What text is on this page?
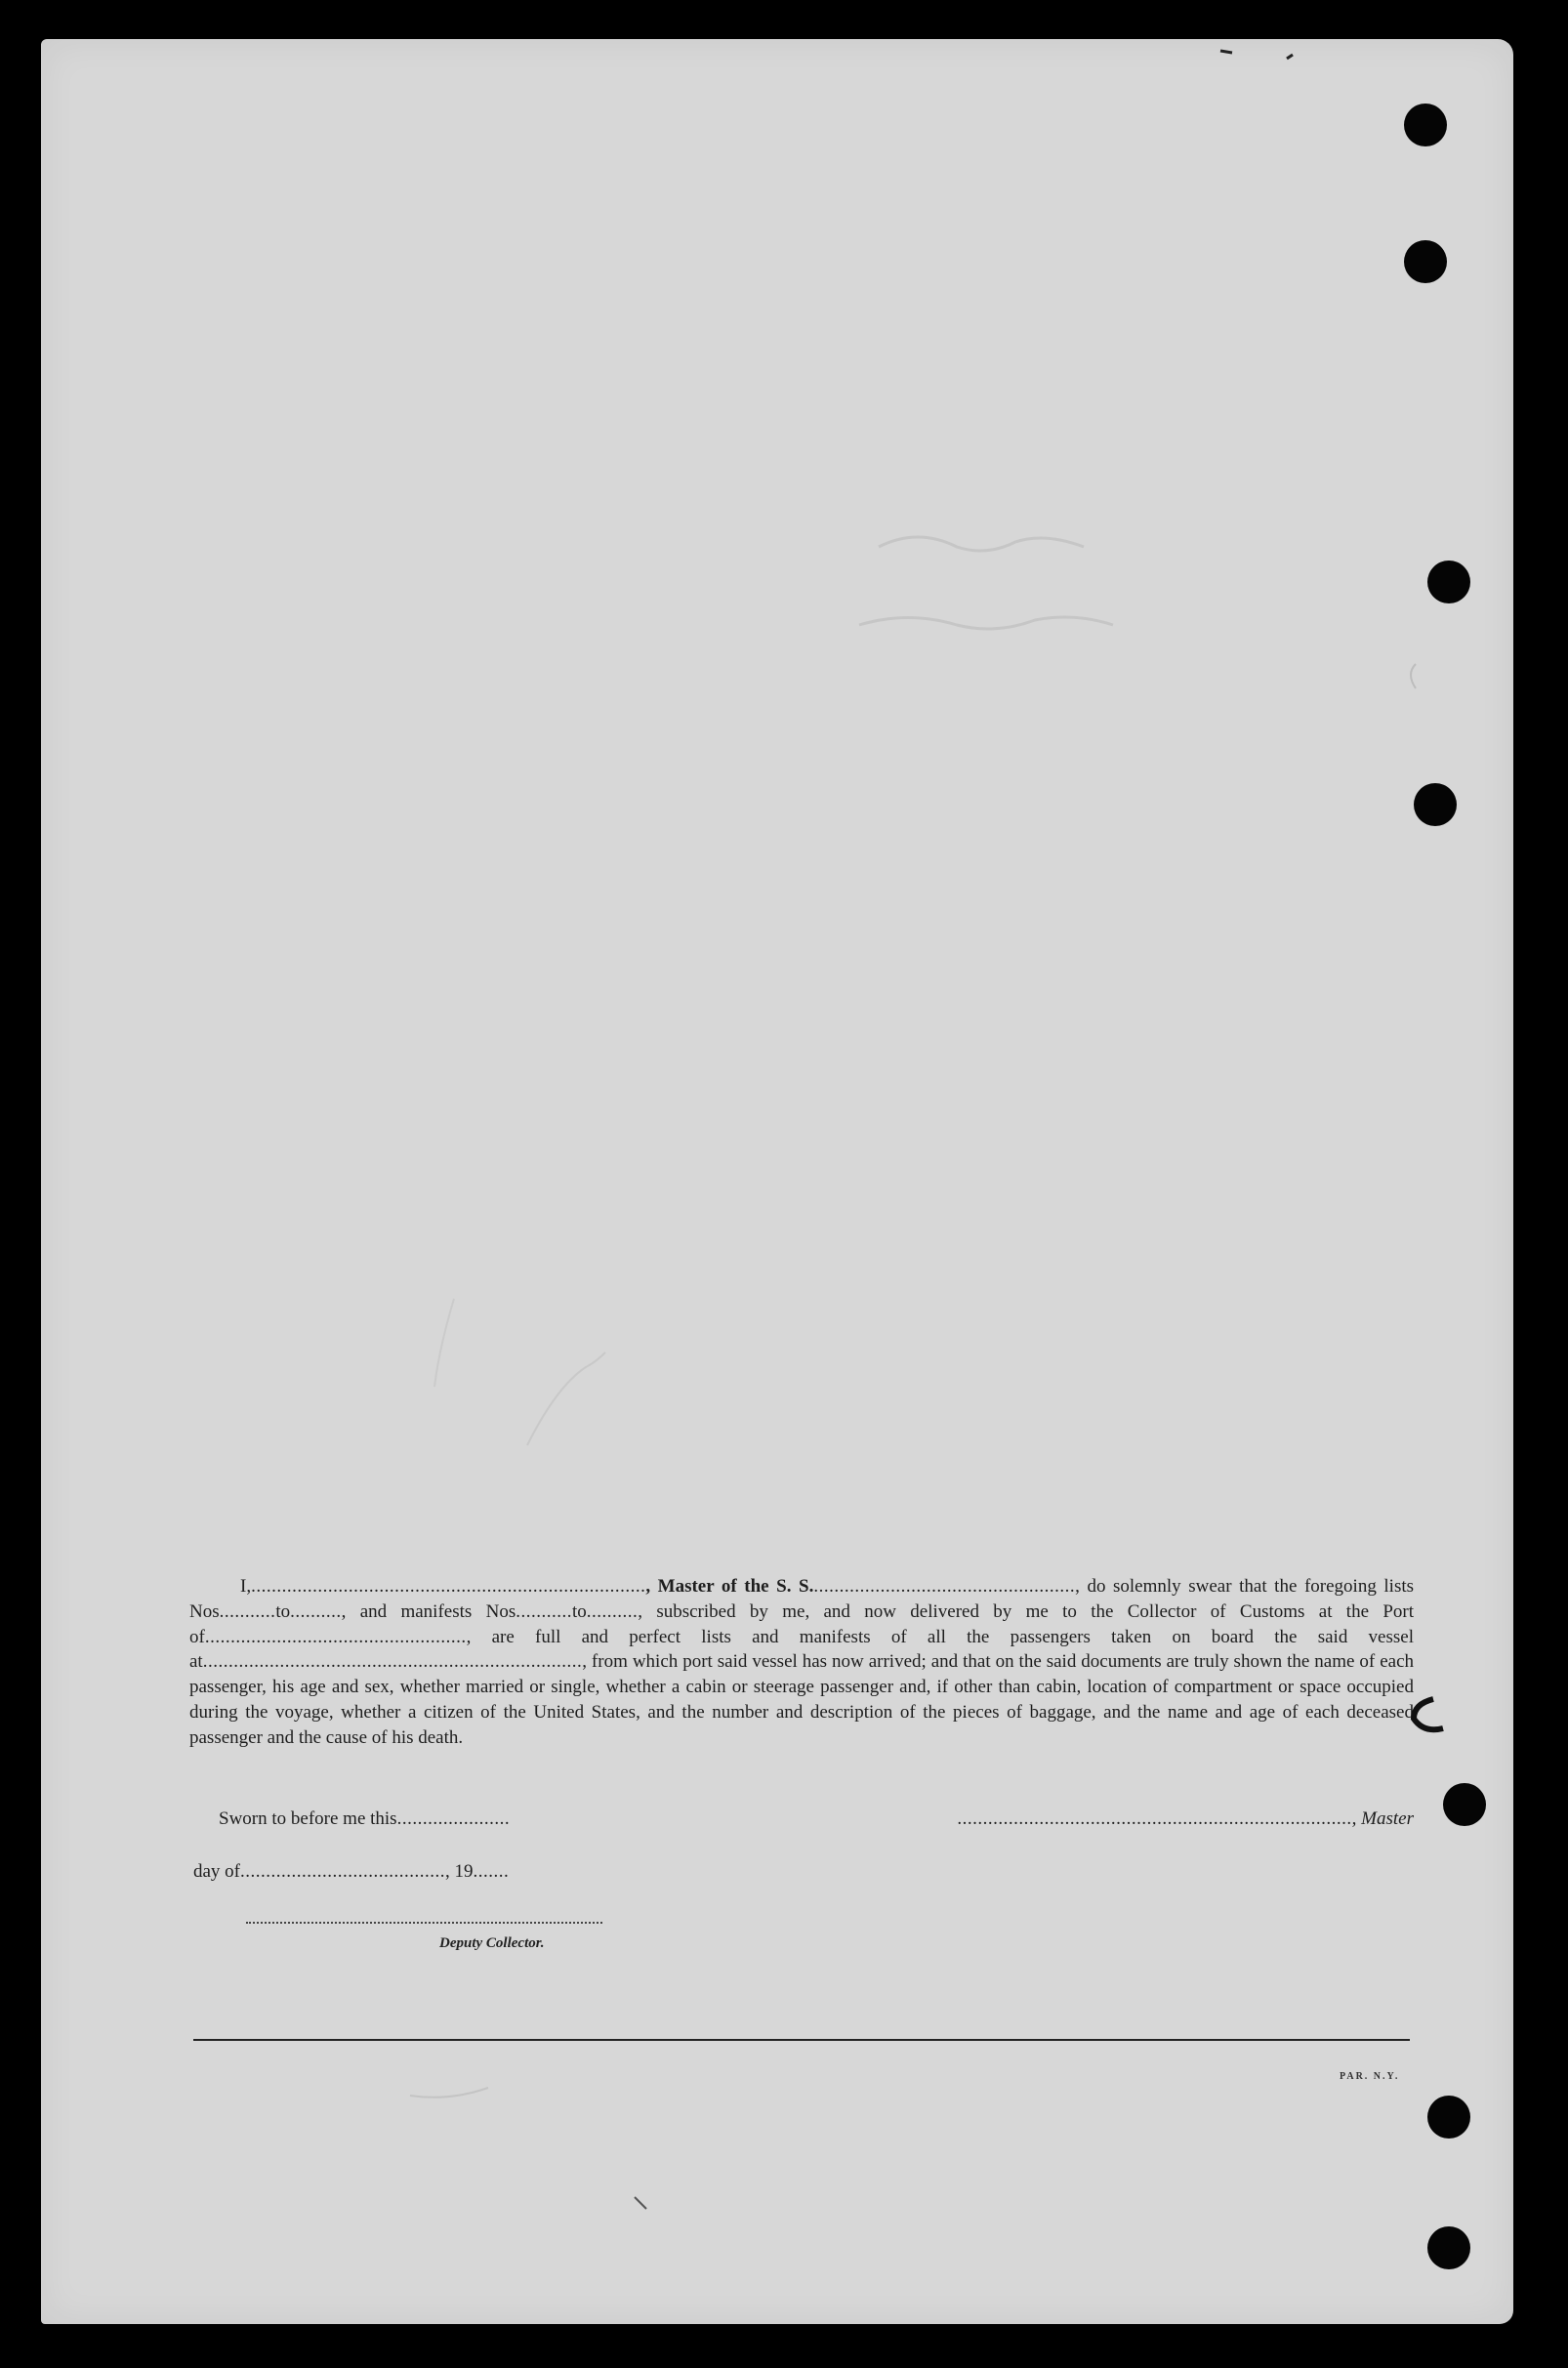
I,............................................................................., Master of the S. S...................................................., do solemnly swear that the foregoing lists Nos...........to.........., and manifests Nos...........to.........., subscribed by me, and now delivered by me to the Collector of Customs at the Port of..................................................., are full and perfect lists and manifests of all the passengers taken on board the said vessel at.........................................................................., from which port said vessel has now arrived; and that on the said documents are truly shown the name of each passenger, his age and sex, whether married or single, whether a cabin or steerage passenger and, if other than cabin, location of compartment or space occupied during the voyage, whether a citizen of the United States, and the number and description of the pieces of baggage, and the name and age of each deceased passenger and the cause of his death.

Sworn to before me this......................	............................................................................., Master
day of........................................, 19.......
Deputy Collector.
PAR. N.Y.
